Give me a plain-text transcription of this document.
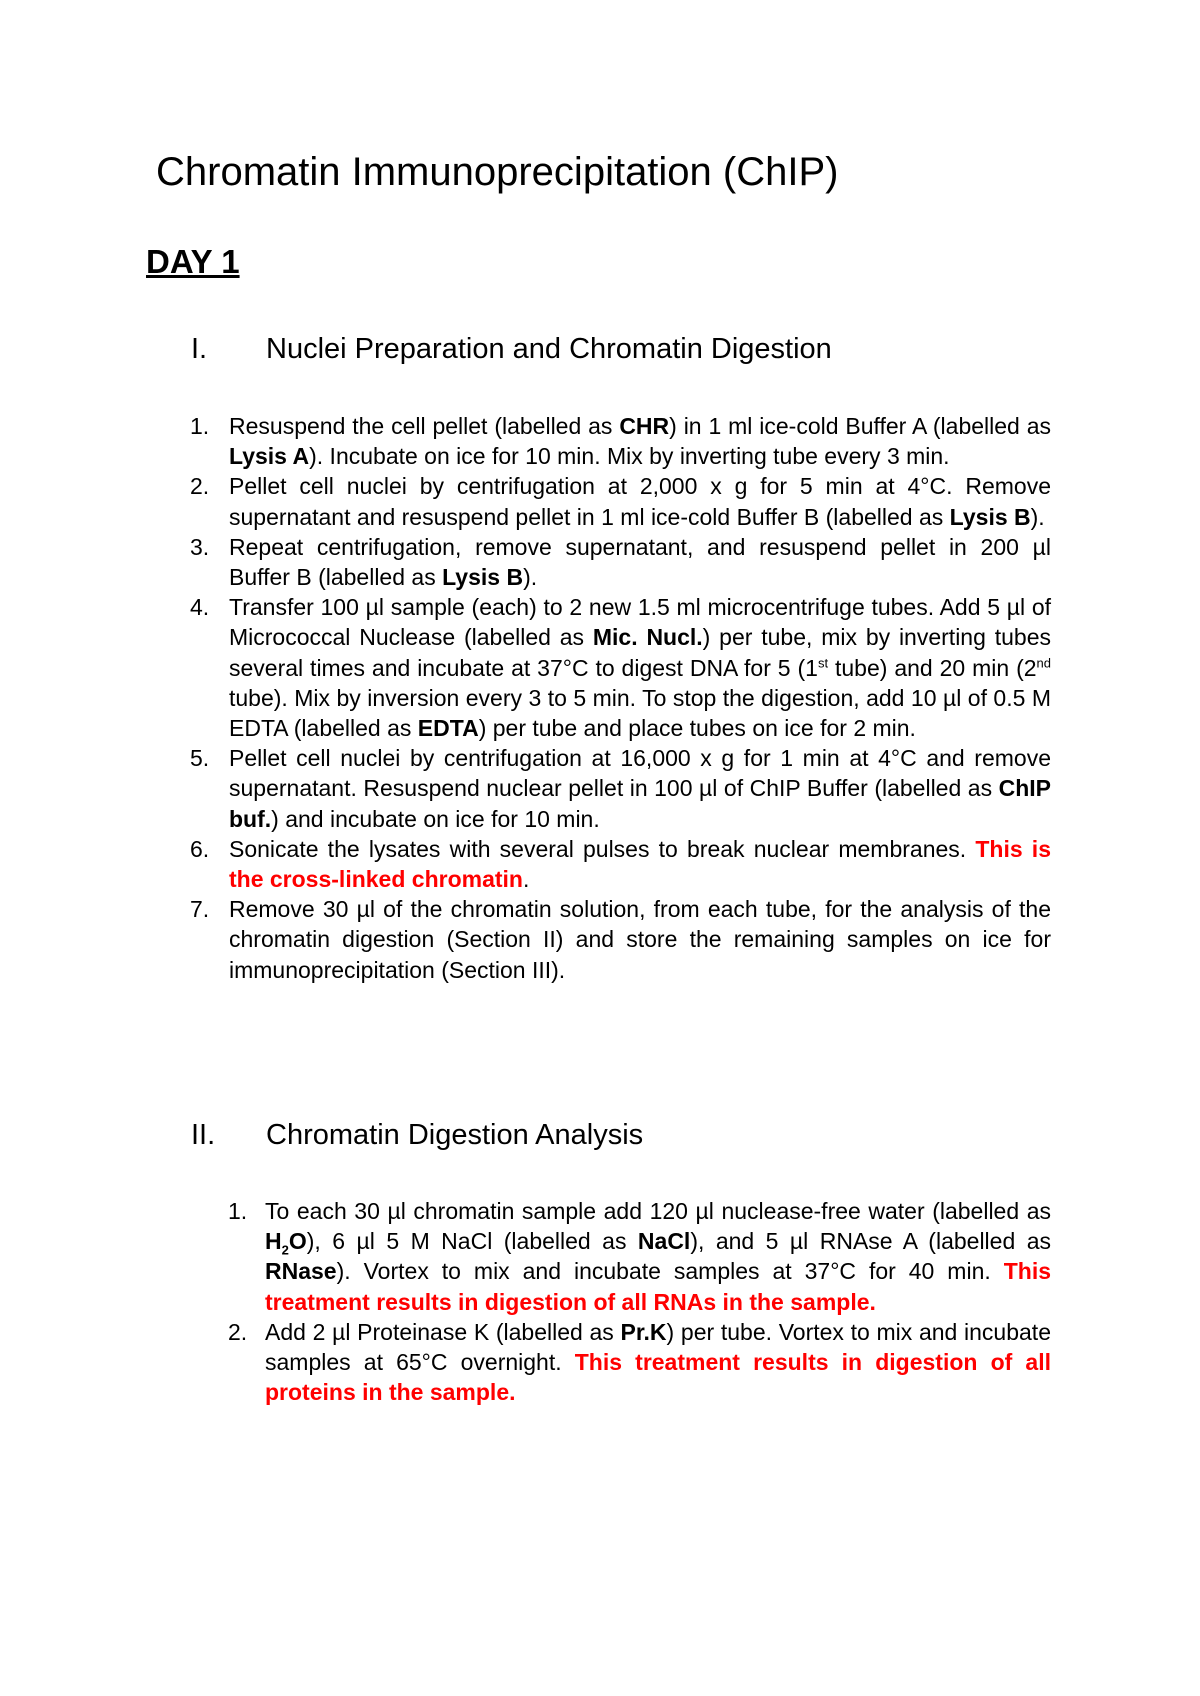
Chromatin Immunoprecipitation (ChIP)
DAY 1
I. Nuclei Preparation and Chromatin Digestion
1. Resuspend the cell pellet (labelled as CHR) in 1 ml ice-cold Buffer A (labelled as Lysis A). Incubate on ice for 10 min. Mix by inverting tube every 3 min.
2. Pellet cell nuclei by centrifugation at 2,000 x g for 5 min at 4°C. Remove supernatant and resuspend pellet in 1 ml ice-cold Buffer B (labelled as Lysis B).
3. Repeat centrifugation, remove supernatant, and resuspend pellet in 200 µl Buffer B (labelled as Lysis B).
4. Transfer 100 µl sample (each) to 2 new 1.5 ml microcentrifuge tubes. Add 5 µl of Micrococcal Nuclease (labelled as Mic. Nucl.) per tube, mix by inverting tubes several times and incubate at 37°C to digest DNA for 5 (1st tube) and 20 min (2nd tube). Mix by inversion every 3 to 5 min. To stop the digestion, add 10 µl of 0.5 M EDTA (labelled as EDTA) per tube and place tubes on ice for 2 min.
5. Pellet cell nuclei by centrifugation at 16,000 x g for 1 min at 4°C and remove supernatant. Resuspend nuclear pellet in 100 µl of ChIP Buffer (labelled as ChIP buf.) and incubate on ice for 10 min.
6. Sonicate the lysates with several pulses to break nuclear membranes. This is the cross-linked chromatin.
7. Remove 30 µl of the chromatin solution, from each tube, for the analysis of the chromatin digestion (Section II) and store the remaining samples on ice for immunoprecipitation (Section III).
II. Chromatin Digestion Analysis
1. To each 30 µl chromatin sample add 120 µl nuclease-free water (labelled as $H_2O$), 6 µl 5 M NaCl (labelled as NaCl), and 5 µl RNAse A (labelled as RNase). Vortex to mix and incubate samples at 37°C for 40 min. This treatment results in digestion of all RNAs in the sample.
2. Add 2 µl Proteinase K (labelled as Pr.K) per tube. Vortex to mix and incubate samples at 65°C overnight. This treatment results in digestion of all proteins in the sample.
